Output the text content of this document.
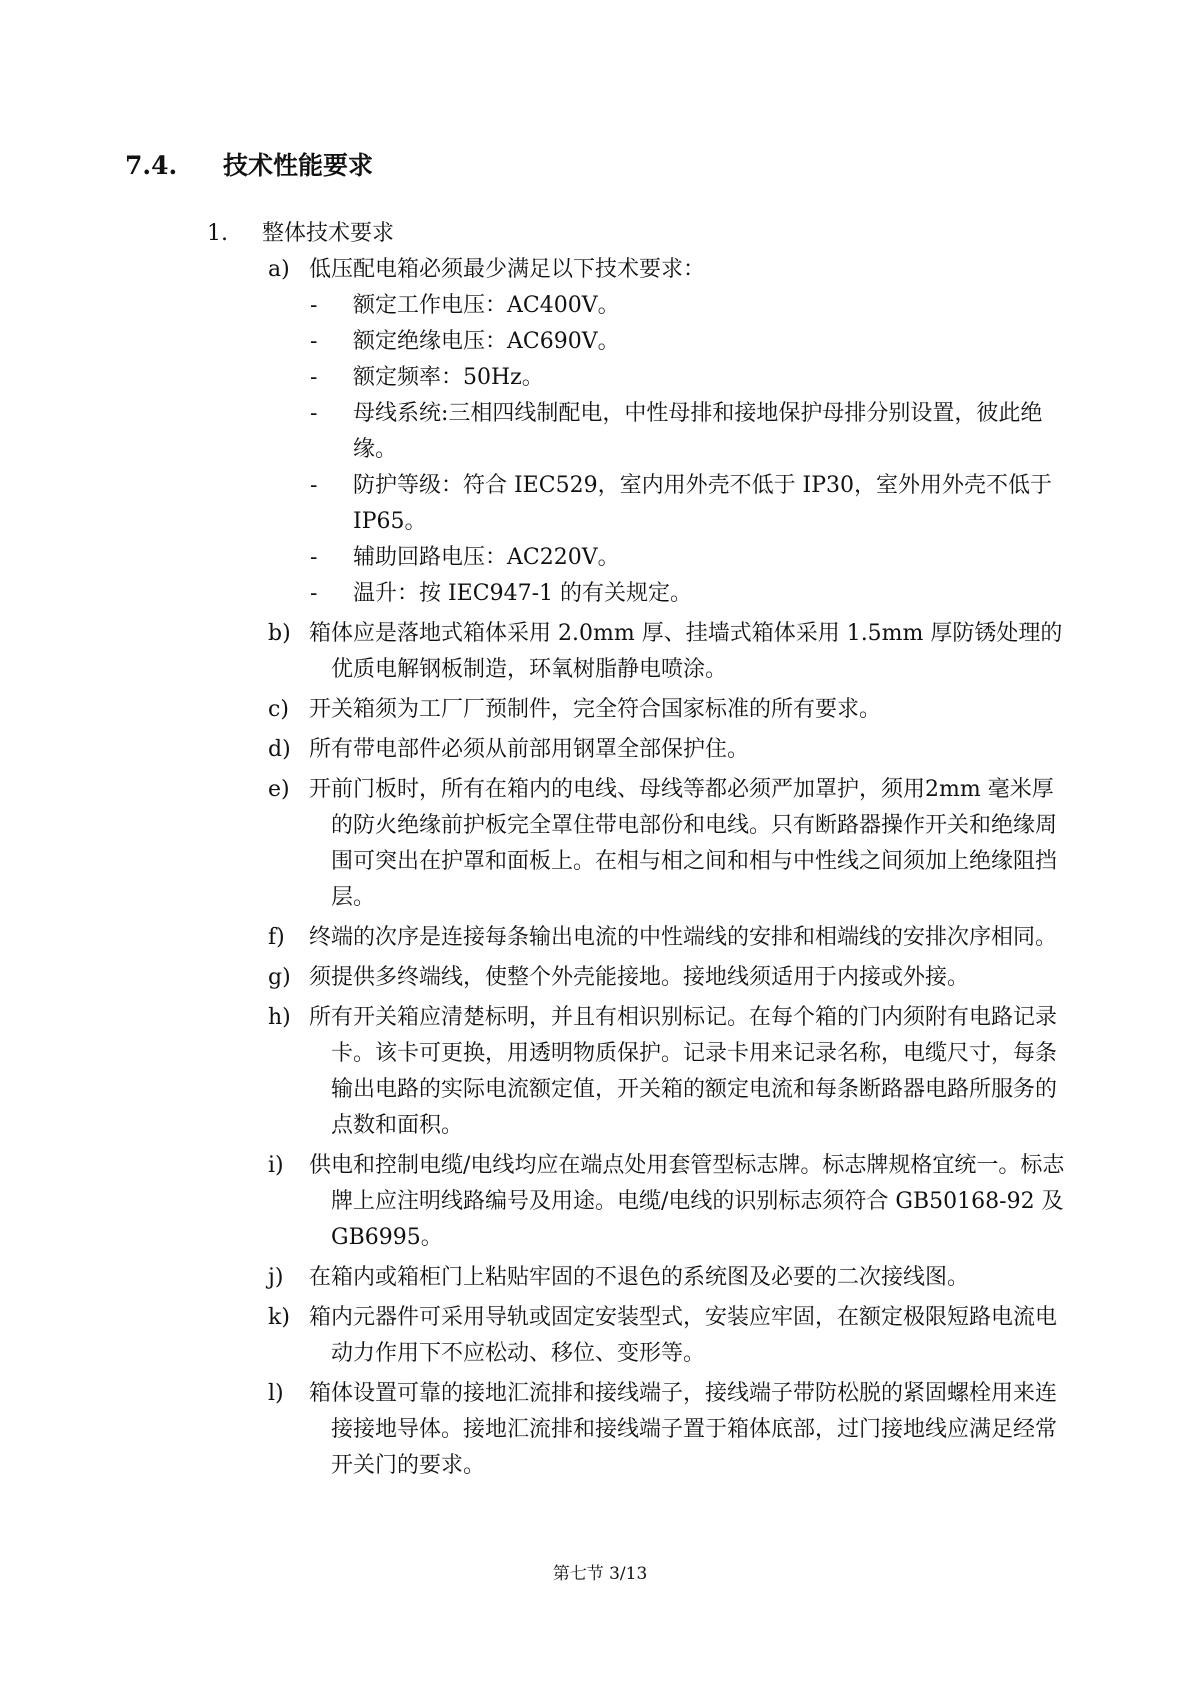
7.4. 技术性能要求
1. 整体技术要求
a) 低压配电箱必须最少满足以下技术要求：
- 额定工作电压：AC400V。
- 额定绝缘电压：AC690V。
- 额定频率：50Hz。
- 母线系统:三相四线制配电，中性母排和接地保护母排分别设置，彼此绝缘。
- 防护等级：符合 IEC529，室内用外壳不低于 IP30，室外用外壳不低于 IP65。
- 辅助回路电压：AC220V。
- 温升：按 IEC947-1 的有关规定。
b) 箱体应是落地式箱体采用 2.0mm 厚、挂墙式箱体采用 1.5mm 厚防锈处理的优质电解钢板制造，环氧树脂静电喷涂。
c) 开关箱须为工厂厂预制件，完全符合国家标准的所有要求。
d) 所有带电部件必须从前部用钢罩全部保护住。
e) 开前门板时，所有在箱内的电线、母线等都必须严加罩护，须用2mm 毫米厚的防火绝缘前护板完全罩住带电部份和电线。只有断路器操作开关和绝缘周围可突出在护罩和面板上。在相与相之间和相与中性线之间须加上绝缘阻挡层。
f) 终端的次序是连接每条输出电流的中性端线的安排和相端线的安排次序相同。
g) 须提供多终端线，使整个外壳能接地。接地线须适用于内接或外接。
h) 所有开关箱应清楚标明，并且有相识别标记。在每个箱的门内须附有电路记录卡。该卡可更换，用透明物质保护。记录卡用来记录名称，电缆尺寸，每条输出电路的实际电流额定值，开关箱的额定电流和每条断路器电路所服务的点数和面积。
i) 供电和控制电缆/电线均应在端点处用套管型标志牌。标志牌规格宜统一。标志牌上应注明线路编号及用途。电缆/电线的识别标志须符合 GB50168-92 及 GB6995。
j) 在箱内或箱柜门上粘贴牢固的不退色的系统图及必要的二次接线图。
k) 箱内元器件可采用导轨或固定安装型式，安装应牢固，在额定极限短路电流电动力作用下不应松动、移位、变形等。
l) 箱体设置可靠的接地汇流排和接线端子，接线端子带防松脱的紧固螺栓用来连接接地导体。接地汇流排和接线端子置于箱体底部，过门接地线应满足经常开关门的要求。
第七节 3/13
